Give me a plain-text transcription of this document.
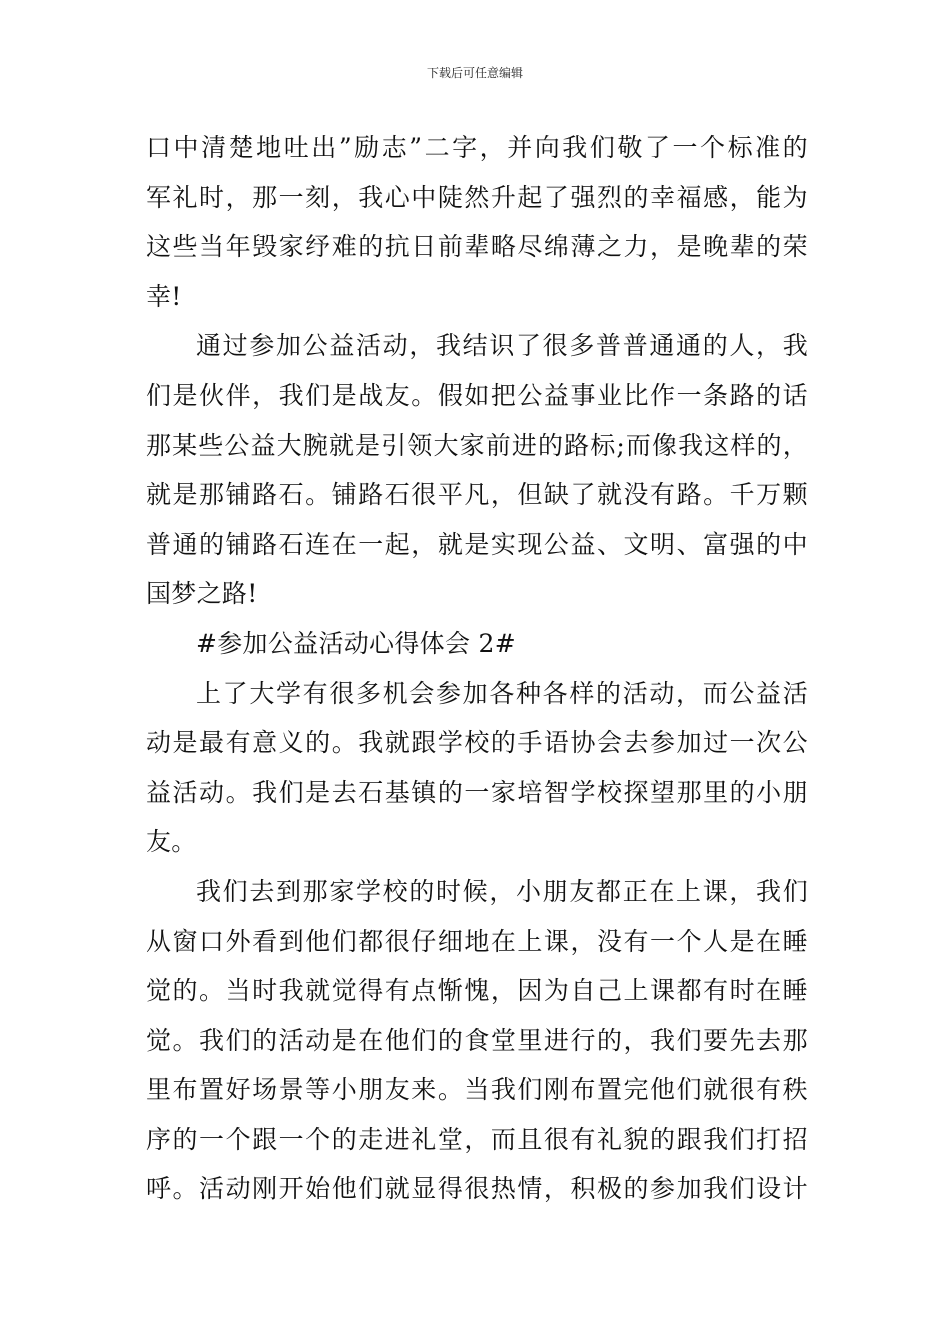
下载后可任意编辑
口中清楚地吐出”励志”二字，并向我们敬了一个标准的
军礼时，那一刻，我心中陡然升起了强烈的幸福感，能为
这些当年毁家纾难的抗日前辈略尽绵薄之力，是晚辈的荣
幸!
通过参加公益活动，我结识了很多普普通通的人，我
们是伙伴，我们是战友。假如把公益事业比作一条路的话
那某些公益大腕就是引领大家前进的路标;而像我这样的，
就是那铺路石。铺路石很平凡，但缺了就没有路。千万颗
普通的铺路石连在一起，就是实现公益、文明、富强的中
国梦之路!
#参加公益活动心得体会 2#
上了大学有很多机会参加各种各样的活动，而公益活
动是最有意义的。我就跟学校的手语协会去参加过一次公
益活动。我们是去石基镇的一家培智学校探望那里的小朋
友。
我们去到那家学校的时候，小朋友都正在上课，我们
从窗口外看到他们都很仔细地在上课，没有一个人是在睡
觉的。当时我就觉得有点惭愧，因为自己上课都有时在睡
觉。我们的活动是在他们的食堂里进行的，我们要先去那
里布置好场景等小朋友来。当我们刚布置完他们就很有秩
序的一个跟一个的走进礼堂，而且很有礼貌的跟我们打招
呼。活动刚开始他们就显得很热情，积极的参加我们设计
